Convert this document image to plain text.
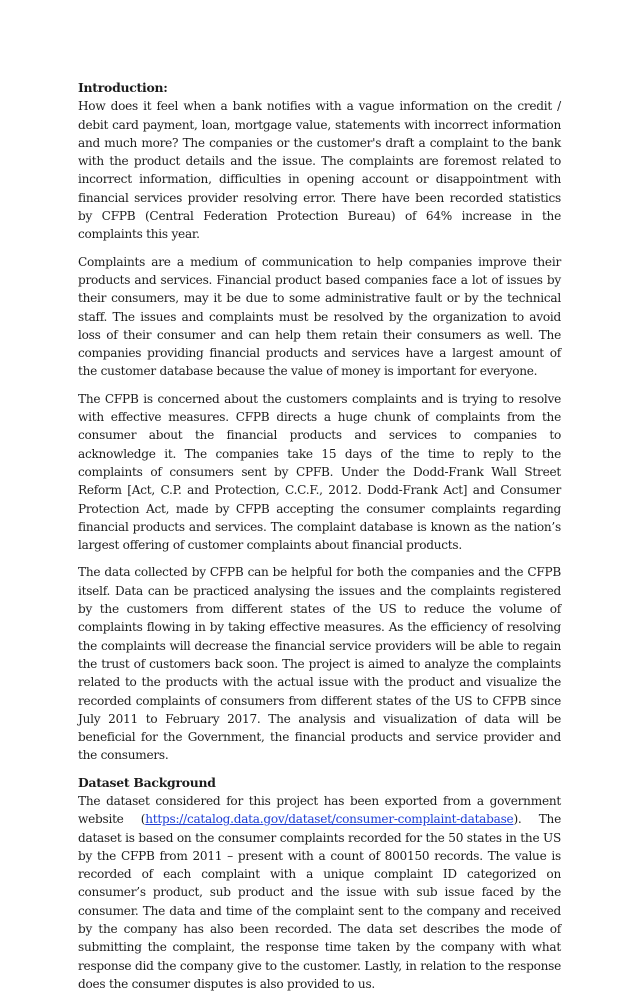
Introduction:

How does it feel when a bank notifies with a vague information on the credit / debit card payment, loan, mortgage value, statements with incorrect information and much more? The companies or the customer's draft a complaint to the bank with the product details and the issue. The complaints are foremost related to incorrect information, difficulties in opening account or disappointment with financial services provider resolving error. There have been recorded statistics by CFPB (Central Federation Protection Bureau) of 64% increase in the complaints this year.

Complaints are a medium of communication to help companies improve their products and services. Financial product based companies face a lot of issues by their consumers, may it be due to some administrative fault or by the technical staff. The issues and complaints must be resolved by the organization to avoid loss of their consumer and can help them retain their consumers as well. The companies providing financial products and services have a largest amount of the customer database because the value of money is important for everyone.

The CFPB is concerned about the customers complaints and is trying to resolve with effective measures. CFPB directs a huge chunk of complaints from the consumer about the financial products and services to companies to acknowledge it. The companies take 15 days of the time to reply to the complaints of consumers sent by CPFB. Under the Dodd-Frank Wall Street Reform [Act, C.P. and Protection, C.C.F., 2012. Dodd-Frank Act] and Consumer Protection Act, made by CFPB accepting the consumer complaints regarding financial products and services. The complaint database is known as the nation’s largest offering of customer complaints about financial products.

The data collected by CFPB can be helpful for both the companies and the CFPB itself. Data can be practiced analysing the issues and the complaints registered by the customers from different states of the US to reduce the volume of complaints flowing in by taking effective measures. As the efficiency of resolving the complaints will decrease the financial service providers will be able to regain the trust of customers back soon. The project is aimed to analyze the complaints related to the products with the actual issue with the product and visualize the recorded complaints of consumers from different states of the US to CFPB since July 2011 to February 2017. The analysis and visualization of data will be beneficial for the Government, the financial products and service provider and the consumers.

Dataset Background

The dataset considered for this project has been exported from a government website (https://catalog.data.gov/dataset/consumer-complaint-database). The dataset is based on the consumer complaints recorded for the 50 states in the US by the CFPB from 2011 – present with a count of 800150 records. The value is recorded of each complaint with a unique complaint ID categorized on consumer’s product, sub product and the issue with sub issue faced by the consumer. The data and time of the complaint sent to the company and received by the company has also been recorded. The data set describes the mode of submitting the complaint, the response time taken by the company with what response did the company give to the customer. Lastly, in relation to the response does the consumer disputes is also provided to us.
